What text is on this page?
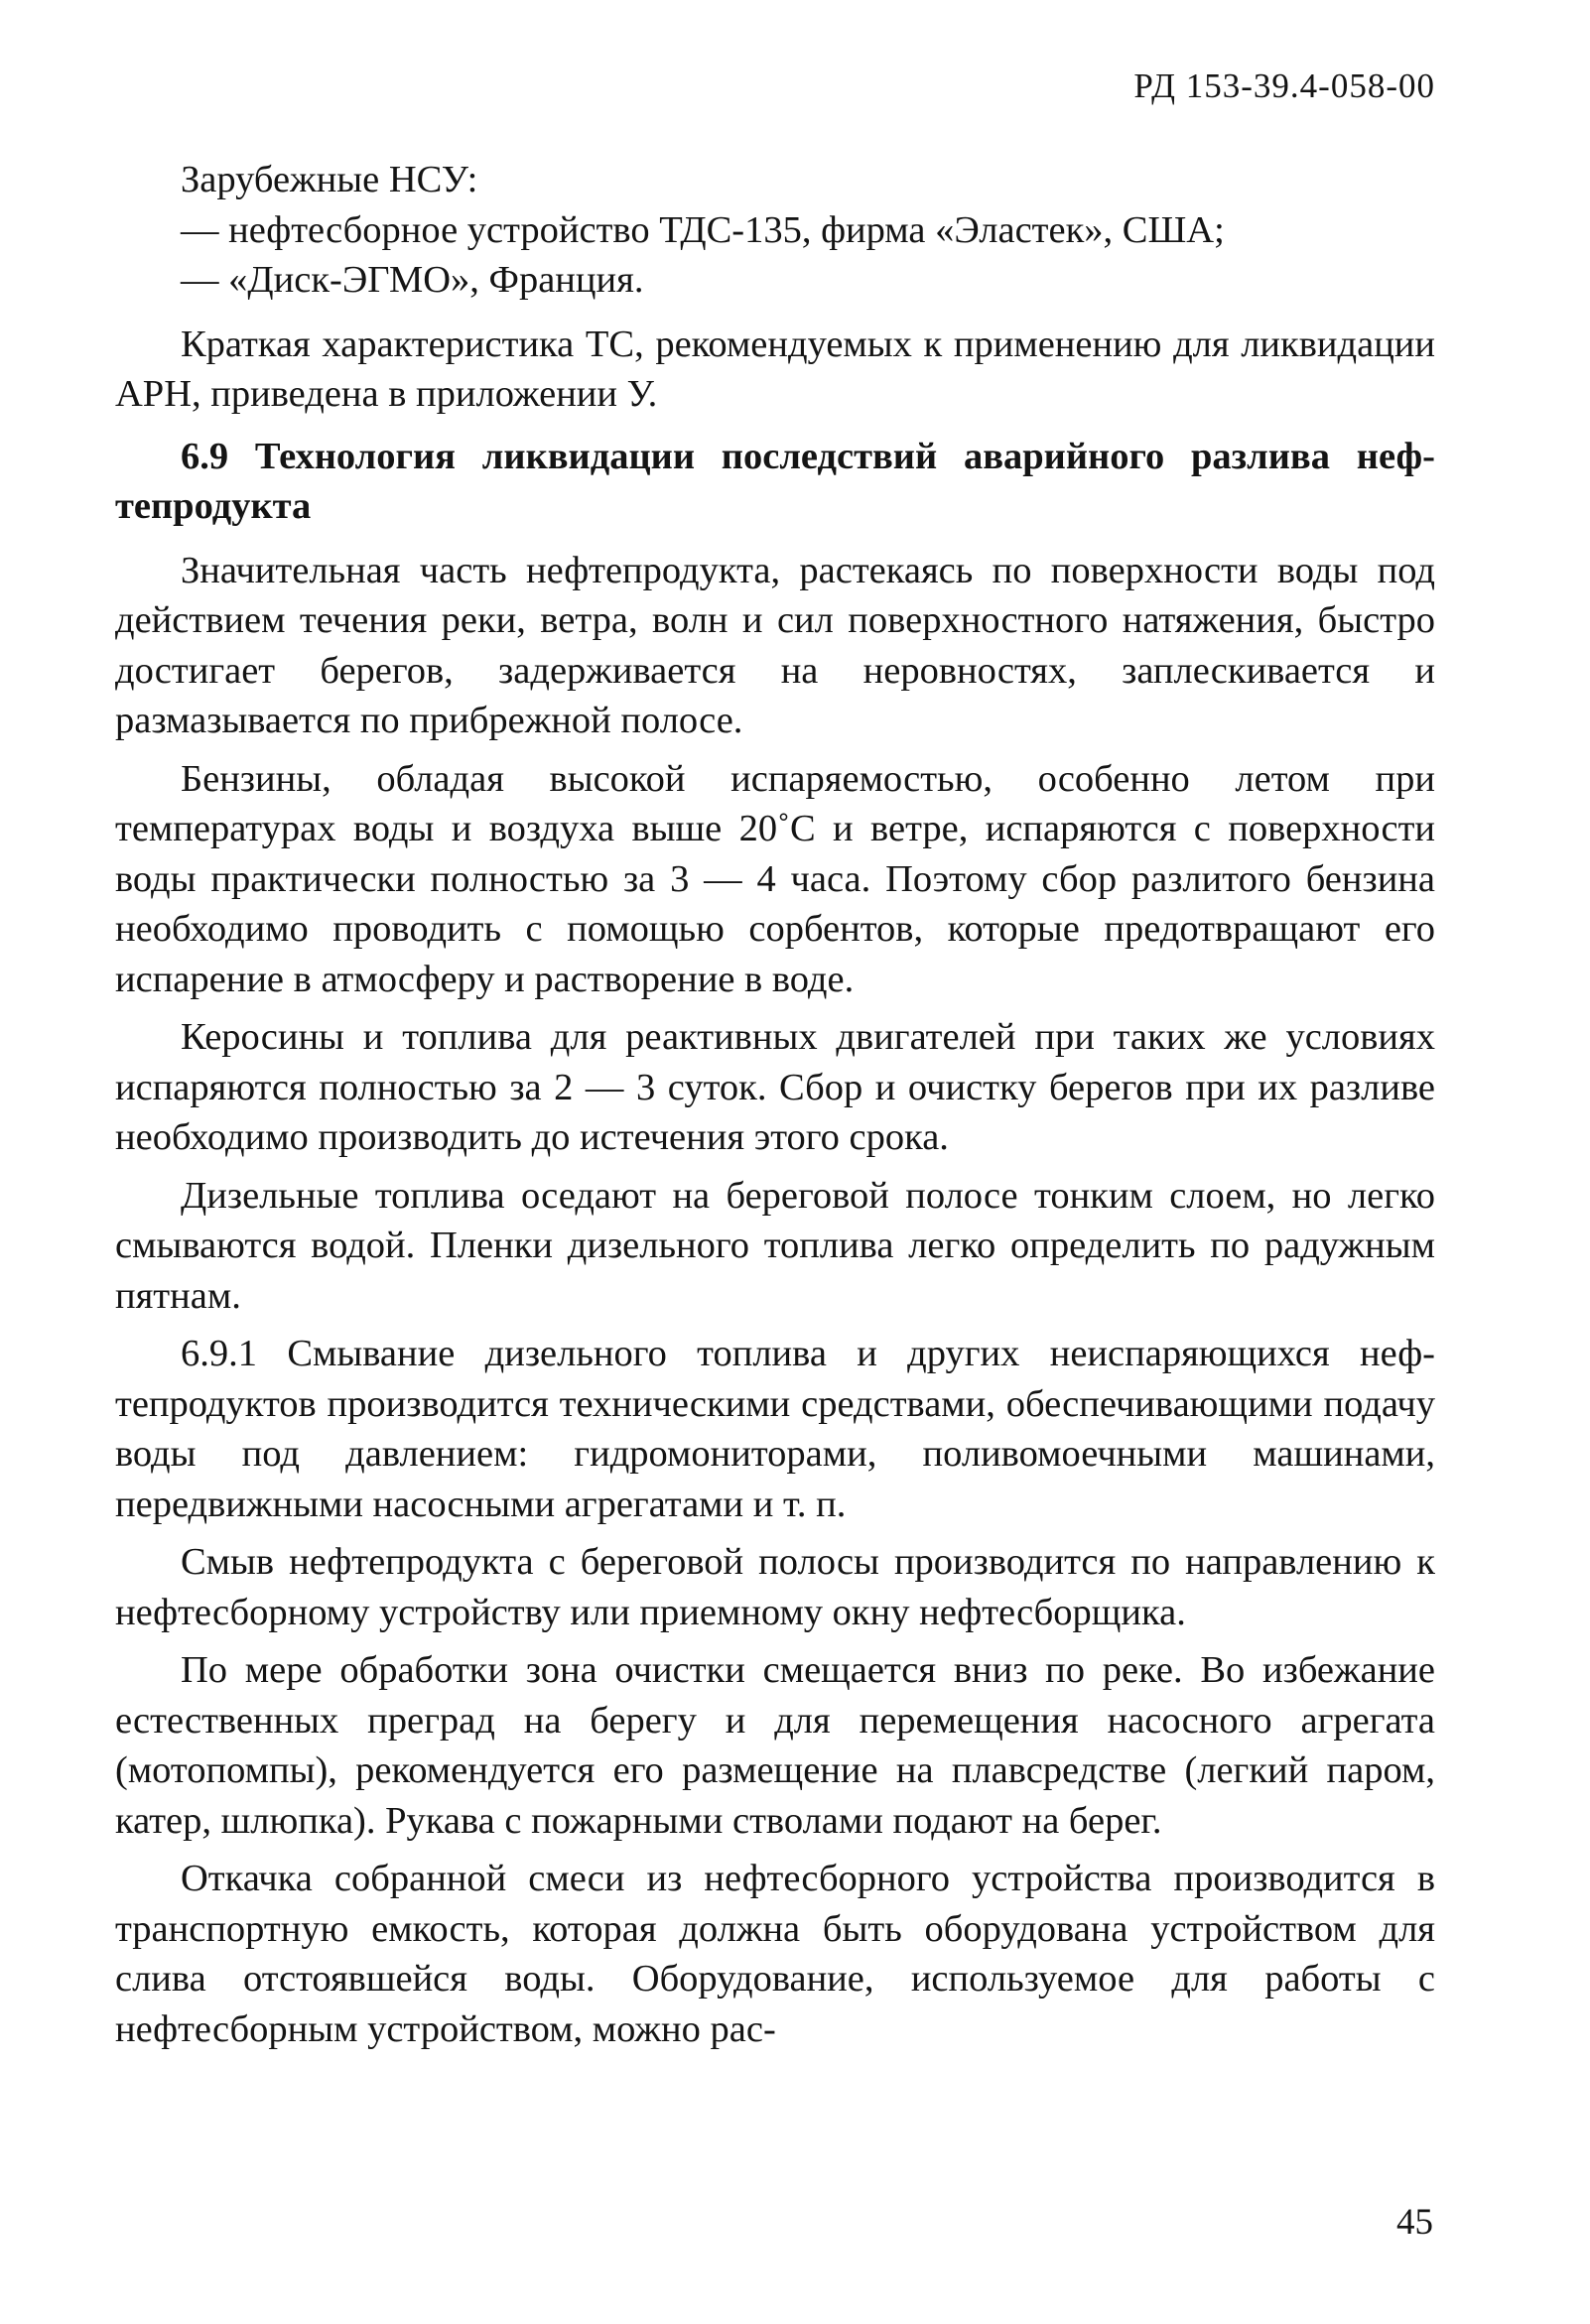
РД 153-39.4-058-00

Зарубежные НСУ:

— нефтесборное устройство ТДС-135, фирма «Эластек», США;

— «Диск-ЭГМО», Франция.

Краткая характеристика ТС, рекомендуемых к применению для ликвидации АРН, приведена в приложении У.

6.9 Технология ликвидации последствий аварийного разлива нефтепродукта

Значительная часть нефтепродукта, растекаясь по поверхности воды под действием течения реки, ветра, волн и сил поверхностного натяжения, быстро достигает берегов, задерживается на неровностях, заплескивается и размазывается по прибрежной полосе.

Бензины, обладая высокой испаряемостью, особенно летом при температурах воды и воздуха выше 20˚С и ветре, испаряются с поверхности воды практически полностью за 3 — 4 часа. Поэтому сбор разлитого бензина необходимо проводить с помощью сорбентов, которые предотвращают его испарение в атмосферу и растворение в воде.

Керосины и топлива для реактивных двигателей при таких же условиях испаряются полностью за 2 — 3 суток. Сбор и очистку берегов при их разливе необходимо производить до истечения этого срока.

Дизельные топлива оседают на береговой полосе тонким слоем, но легко смываются водой. Пленки дизельного топлива легко определить по радужным пятнам.

6.9.1 Смывание дизельного топлива и других неиспаряющихся нефтепродуктов производится техническими средствами, обеспечивающими подачу воды под давлением: гидромониторами, поливомоечными машинами, передвижными насосными агрегатами и т. п.

Смыв нефтепродукта с береговой полосы производится по направлению к нефтесборному устройству или приемному окну нефтесборщика.

По мере обработки зона очистки смещается вниз по реке. Во избежание естественных преград на берегу и для перемещения насосного агрегата (мотопомпы), рекомендуется его размещение на плавсредстве (легкий паром, катер, шлюпка). Рукава с пожарными стволами подают на берег.

Откачка собранной смеси из нефтесборного устройства производится в транспортную емкость, которая должна быть оборудована устройством для слива отстоявшейся воды. Оборудование, используемое для работы с нефтесборным устройством, можно рас-

45
